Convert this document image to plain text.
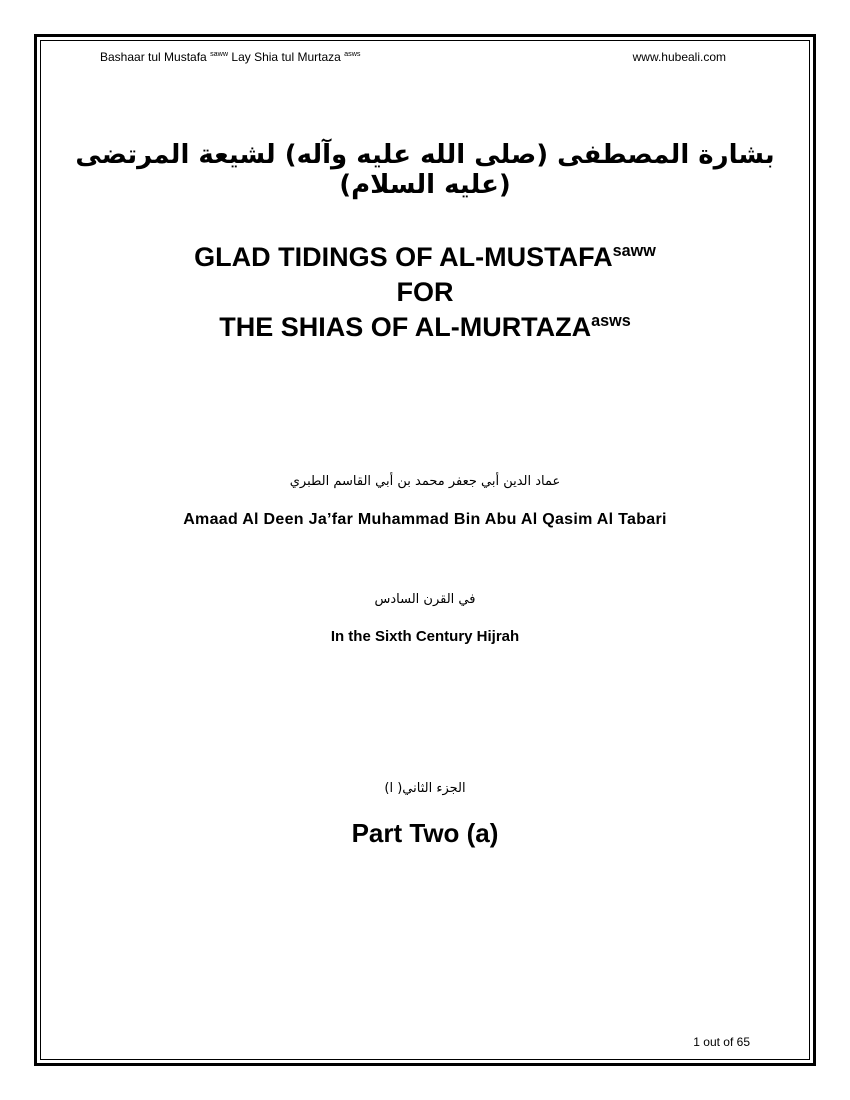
Bashaar tul Mustafa $^{saww}$ Lay Shia tul Murtaza $^{asws}$	www.hubeali.com
بشارة المصطفى (صلى الله عليه وآله) لشيعة المرتضى (عليه السلام)
GLAD TIDINGS OF $AL-MUSTAFA^{saww}$
FOR
THE SHIAS OF $AL-MURTAZA^{asws}$
عماد الدين أبي جعفر محمد بن أبي القاسم الطبري
Amaad Al Deen Ja’far Muhammad Bin Abu Al Qasim Al Tabari
في القرن السادس
In the Sixth Century Hijrah
الجزء الثاني( ا)
Part Two (a)
1 out of 65
